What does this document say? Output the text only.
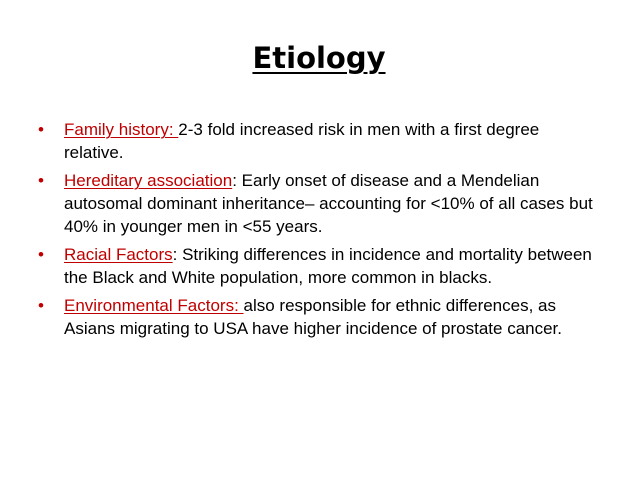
Etiology
• Family history: 2-3 fold increased risk in men with a first degree relative.
• Hereditary association: Early onset of disease and a Mendelian autosomal dominant inheritance– accounting for <10% of all cases but 40% in younger men in <55 years.
• Racial Factors: Striking differences in incidence and mortality between the Black and White population, more common in blacks.
• Environmental Factors: also responsible for ethnic differences, as Asians migrating to USA have higher incidence of prostate cancer.
